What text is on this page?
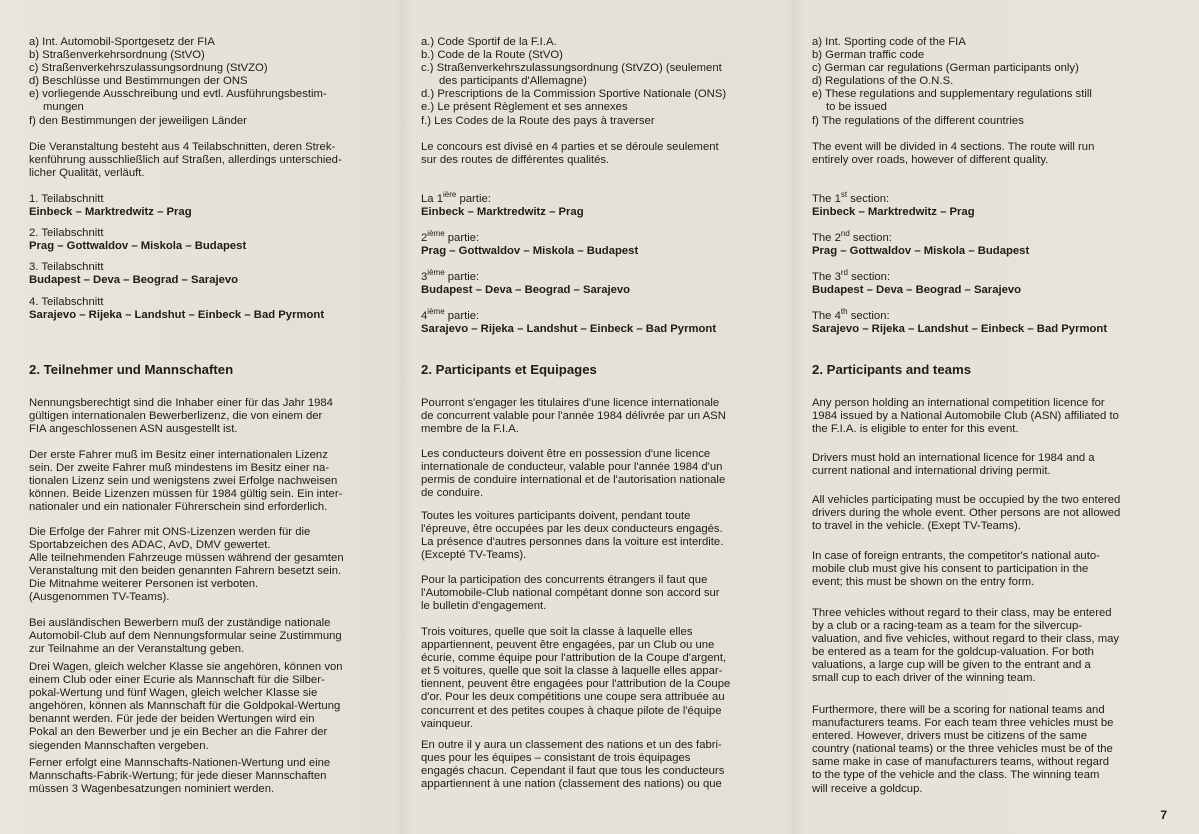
a) Int. Automobil-Sportgesetz der FIA

b) Straßenverkehrsordnung (StVO)

c) Straßenverkehrszulassungsordnung (StVZO)

d) Beschlüsse und Bestimmungen der ONS

e) vorliegende Ausschreibung und evtl. Ausführungsbestim-

mungen

f) den Bestimmungen der jeweiligen Länder

Die Veranstaltung besteht aus 4 Teilabschnitten, deren Strek-

kenführung ausschließlich auf Straßen, allerdings unterschied-

licher Qualität, verläuft.

1. Teilabschnitt

Einbeck – Marktredwitz – Prag

2. Teilabschnitt

Prag – Gottwaldov – Miskola – Budapest

3. Teilabschnitt

Budapest – Deva – Beograd – Sarajevo

4. Teilabschnitt

Sarajevo – Rijeka – Landshut – Einbeck – Bad Pyrmont

2. Teilnehmer und Mannschaften

Nennungsberechtigt sind die Inhaber einer für das Jahr 1984

gültigen internationalen Bewerberlizenz, die von einem der

FIA angeschlossenen ASN ausgestellt ist.

Der erste Fahrer muß im Besitz einer internationalen Lizenz

sein. Der zweite Fahrer muß mindestens im Besitz einer na-

tionalen Lizenz sein und wenigstens zwei Erfolge nachweisen

können. Beide Lizenzen müssen für 1984 gültig sein. Ein inter-

nationaler und ein nationaler Führerschein sind erforderlich.

Die Erfolge der Fahrer mit ONS-Lizenzen werden für die

Sportabzeichen des ADAC, AvD, DMV gewertet.

Alle teilnehmenden Fahrzeuge müssen während der gesamten

Veranstaltung mit den beiden genannten Fahrern besetzt sein.

Die Mitnahme weiterer Personen ist verboten.

(Ausgenommen TV-Teams).

Bei ausländischen Bewerbern muß der zuständige nationale

Automobil-Club auf dem Nennungsformular seine Zustimmung

zur Teilnahme an der Veranstaltung geben.

Drei Wagen, gleich welcher Klasse sie angehören, können von

einem Club oder einer Ecurie als Mannschaft für die Silber-

pokal-Wertung und fünf Wagen, gleich welcher Klasse sie

angehören, können als Mannschaft für die Goldpokal-Wertung

benannt werden. Für jede der beiden Wertungen wird ein

Pokal an den Bewerber und je ein Becher an die Fahrer der

siegenden Mannschaften vergeben.

Ferner erfolgt eine Mannschafts-Nationen-Wertung und eine

Mannschafts-Fabrik-Wertung; für jede dieser Mannschaften

müssen 3 Wagenbesatzungen nominiert werden.

a.) Code Sportif de la F.I.A.

b.) Code de la Route (StVO)

c.) Straßenverkehrszulassungsordnung (StVZO) (seulement

des participants d'Allemagne)

d.) Prescriptions de la Commission Sportive Nationale (ONS)

e.) Le présent Règlement et ses annexes

f.) Les Codes de la Route des pays à traverser

Le concours est divisé en 4 parties et se déroule seulement

sur des routes de différentes qualités.

La $1^{ière}$ partie:

Einbeck – Marktredwitz – Prag

2ième partie:

Prag – Gottwaldov – Miskola – Budapest

3ième partie:

Budapest – Deva – Beograd – Sarajevo

4ième partie:

Sarajevo – Rijeka – Landshut – Einbeck – Bad Pyrmont

2. Participants et Equipages

Pourront s'engager les titulaires d'une licence internationale

de concurrent valable pour l'année 1984 délivrée par un ASN

membre de la F.I.A.

Les conducteurs doivent être en possession d'une licence

internationale de conducteur, valable pour l'année 1984 d'un

permis de conduire international et de l'autorisation nationale

de conduire.

Toutes les voitures participants doivent, pendant toute

l'épreuve, être occupées par les deux conducteurs engagés.

La présence d'autres personnes dans la voiture est interdite.

(Excepté TV-Teams).

Pour la participation des concurrents étrangers il faut que

l'Automobile-Club national compétant donne son accord sur

le bulletin d'engagement.

Trois voitures, quelle que soit la classe à laquelle elles

appartiennent, peuvent être engagées, par un Club ou une

écurie, comme équipe pour l'attribution de la Coupe d'argent,

et 5 voitures, quelle que soit la classe à laquelle elles appar-

tiennent, peuvent être engagées pour l'attribution de la Coupe

d'or. Pour les deux compétitions une coupe sera attribuée au

concurrent et des petites coupes à chaque pilote de l'équipe

vainqueur.

En outre il y aura un classement des nations et un des fabri-

ques pour les équipes – consistant de trois équipages

engagés chacun. Cependant il faut que tous les conducteurs

appartiennent à une nation (classement des nations) ou que

a) Int. Sporting code of the FIA

b) German traffic code

c) German car regulations (German participants only)

d) Regulations of the O.N.S.

e) These regulations and supplementary regulations still

to be issued

f) The regulations of the different countries

The event will be divided in 4 sections. The route will run

entirely over roads, however of different quality.

The 1st section:

Einbeck – Marktredwitz – Prag

The 2nd section:

Prag – Gottwaldov – Miskola – Budapest

The 3rd section:

Budapest – Deva – Beograd – Sarajevo

The 4th section:

Sarajevo – Rijeka – Landshut – Einbeck – Bad Pyrmont

2. Participants and teams

Any person holding an international competition licence for

1984 issued by a National Automobile Club (ASN) affiliated to

the F.I.A. is eligible to enter for this event.

Drivers must hold an international licence for 1984 and a

current national and international driving permit.

All vehicles participating must be occupied by the two entered

drivers during the whole event. Other persons are not allowed

to travel in the vehicle. (Exept TV-Teams).

In case of foreign entrants, the competitor's national auto-

mobile club must give his consent to participation in the

event; this must be shown on the entry form.

Three vehicles without regard to their class, may be entered

by a club or a racing-team as a team for the silvercup-

valuation, and five vehicles, without regard to their class, may

be entered as a team for the goldcup-valuation. For both

valuations, a large cup will be given to the entrant and a

small cup to each driver of the winning team.

Furthermore, there will be a scoring for national teams and

manufacturers teams. For each team three vehicles must be

entered. However, drivers must be citizens of the same

country (national teams) or the three vehicles must be of the

same make in case of manufacturers teams, without regard

to the type of the vehicle and the class. The winning team

will receive a goldcup.

7
